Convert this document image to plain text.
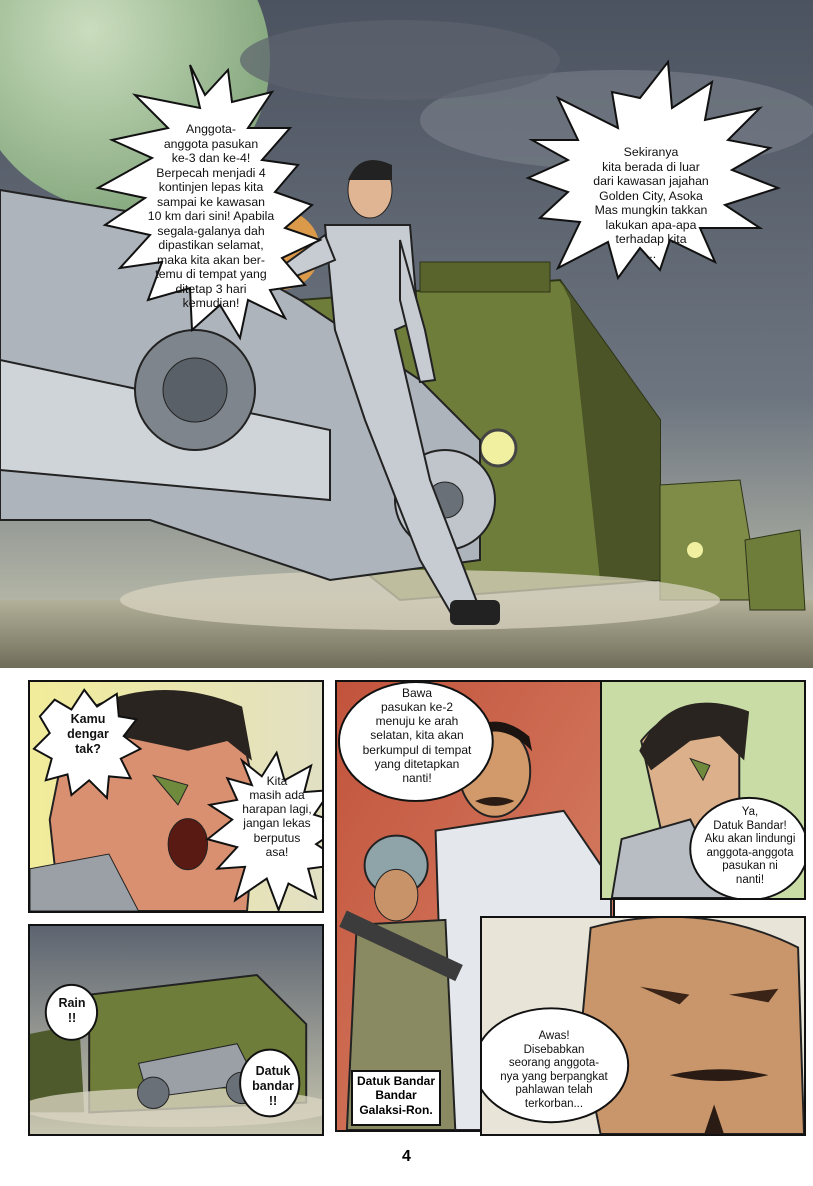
Anggota-
anggota pasukan
ke-3 dan ke-4!
Berpecah menjadi 4
kontinjen lepas kita
sampai ke kawasan
10 km dari sini! Apabila
segala-galanya dah
dipastikan selamat,
maka kita akan ber-
temu di tempat yang
ditetap 3 hari
kemudian!
Sekiranya
kita berada di luar
dari kawasan jajahan
Golden City, Asoka
Mas mungkin takkan
lakukan apa-apa
terhadap kita
...
Kamu
dengar
tak?
Kita
masih ada
harapan lagi,
jangan lekas
berputus
asa!
Bawa
pasukan ke-2
menuju ke arah
selatan, kita akan
berkumpul di tempat
yang ditetapkan
nanti!
Datuk Bandar
Bandar
Galaksi-Ron.
Ya,
Datuk Bandar!
Aku akan lindungi
anggota-anggota
pasukan ni
nanti!
Rain
!!
Datuk
bandar
!!
Awas!
Disebabkan
seorang anggota-
nya yang berpangkat
pahlawan telah
terkorban...
4
